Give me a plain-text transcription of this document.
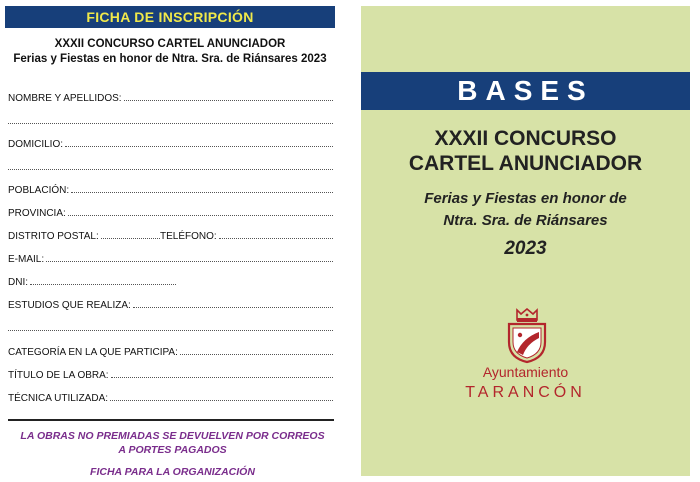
FICHA DE INSCRIPCIÓN
XXXII CONCURSO CARTEL ANUNCIADOR
Ferias y Fiestas en honor de Ntra. Sra. de Riánsares 2023
NOMBRE Y APELLIDOS:
DOMICILIO:
POBLACIÓN:
PROVINCIA:
DISTRITO POSTAL:	TELÉFONO:
E-MAIL:
DNI:
ESTUDIOS QUE REALIZA:
CATEGORÍA EN LA QUE PARTICIPA:
TÍTULO DE LA OBRA:
TÉCNICA UTILIZADA:
LA OBRAS NO PREMIADAS SE DEVUELVEN POR CORREOS
A PORTES PAGADOS
FICHA PARA LA ORGANIZACIÓN
BASES
XXXII CONCURSO
CARTEL ANUNCIADOR
Ferias y Fiestas en honor de
Ntra. Sra. de Riánsares
2023
Ayuntamiento
TARANCÓN
